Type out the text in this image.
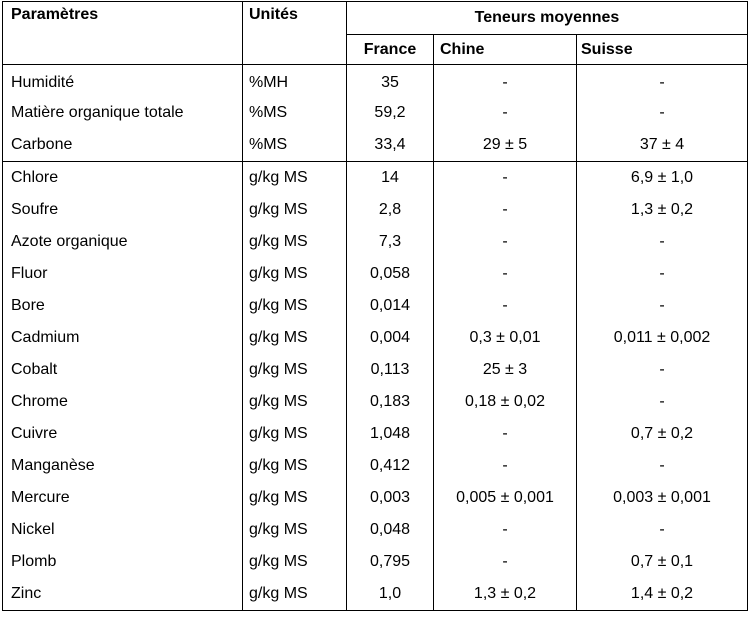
Paramètres	Unités	Teneurs moyennes		
		France	Chine	Suisse
Humidité	%MH	35	-	-
Matière organique totale	%MS	59,2	-	-
Carbone	%MS	33,4	29 ± 5	37 ± 4
Chlore	g/kg MS	14	-	6,9 ± 1,0
Soufre	g/kg MS	2,8	-	1,3 ± 0,2
Azote organique	g/kg MS	7,3	-	-
Fluor	g/kg MS	0,058	-	-
Bore	g/kg MS	0,014	-	-
Cadmium	g/kg MS	0,004	0,3 ± 0,01	0,011 ± 0,002
Cobalt	g/kg MS	0,113	25 ± 3	-
Chrome	g/kg MS	0,183	0,18 ± 0,02	-
Cuivre	g/kg MS	1,048	-	0,7 ± 0,2
Manganèse	g/kg MS	0,412	-	-
Mercure	g/kg MS	0,003	0,005 ± 0,001	0,003 ± 0,001
Nickel	g/kg MS	0,048	-	-
Plomb	g/kg MS	0,795	-	0,7 ± 0,1
Zinc	g/kg MS	1,0	1,3 ± 0,2	1,4 ± 0,2
